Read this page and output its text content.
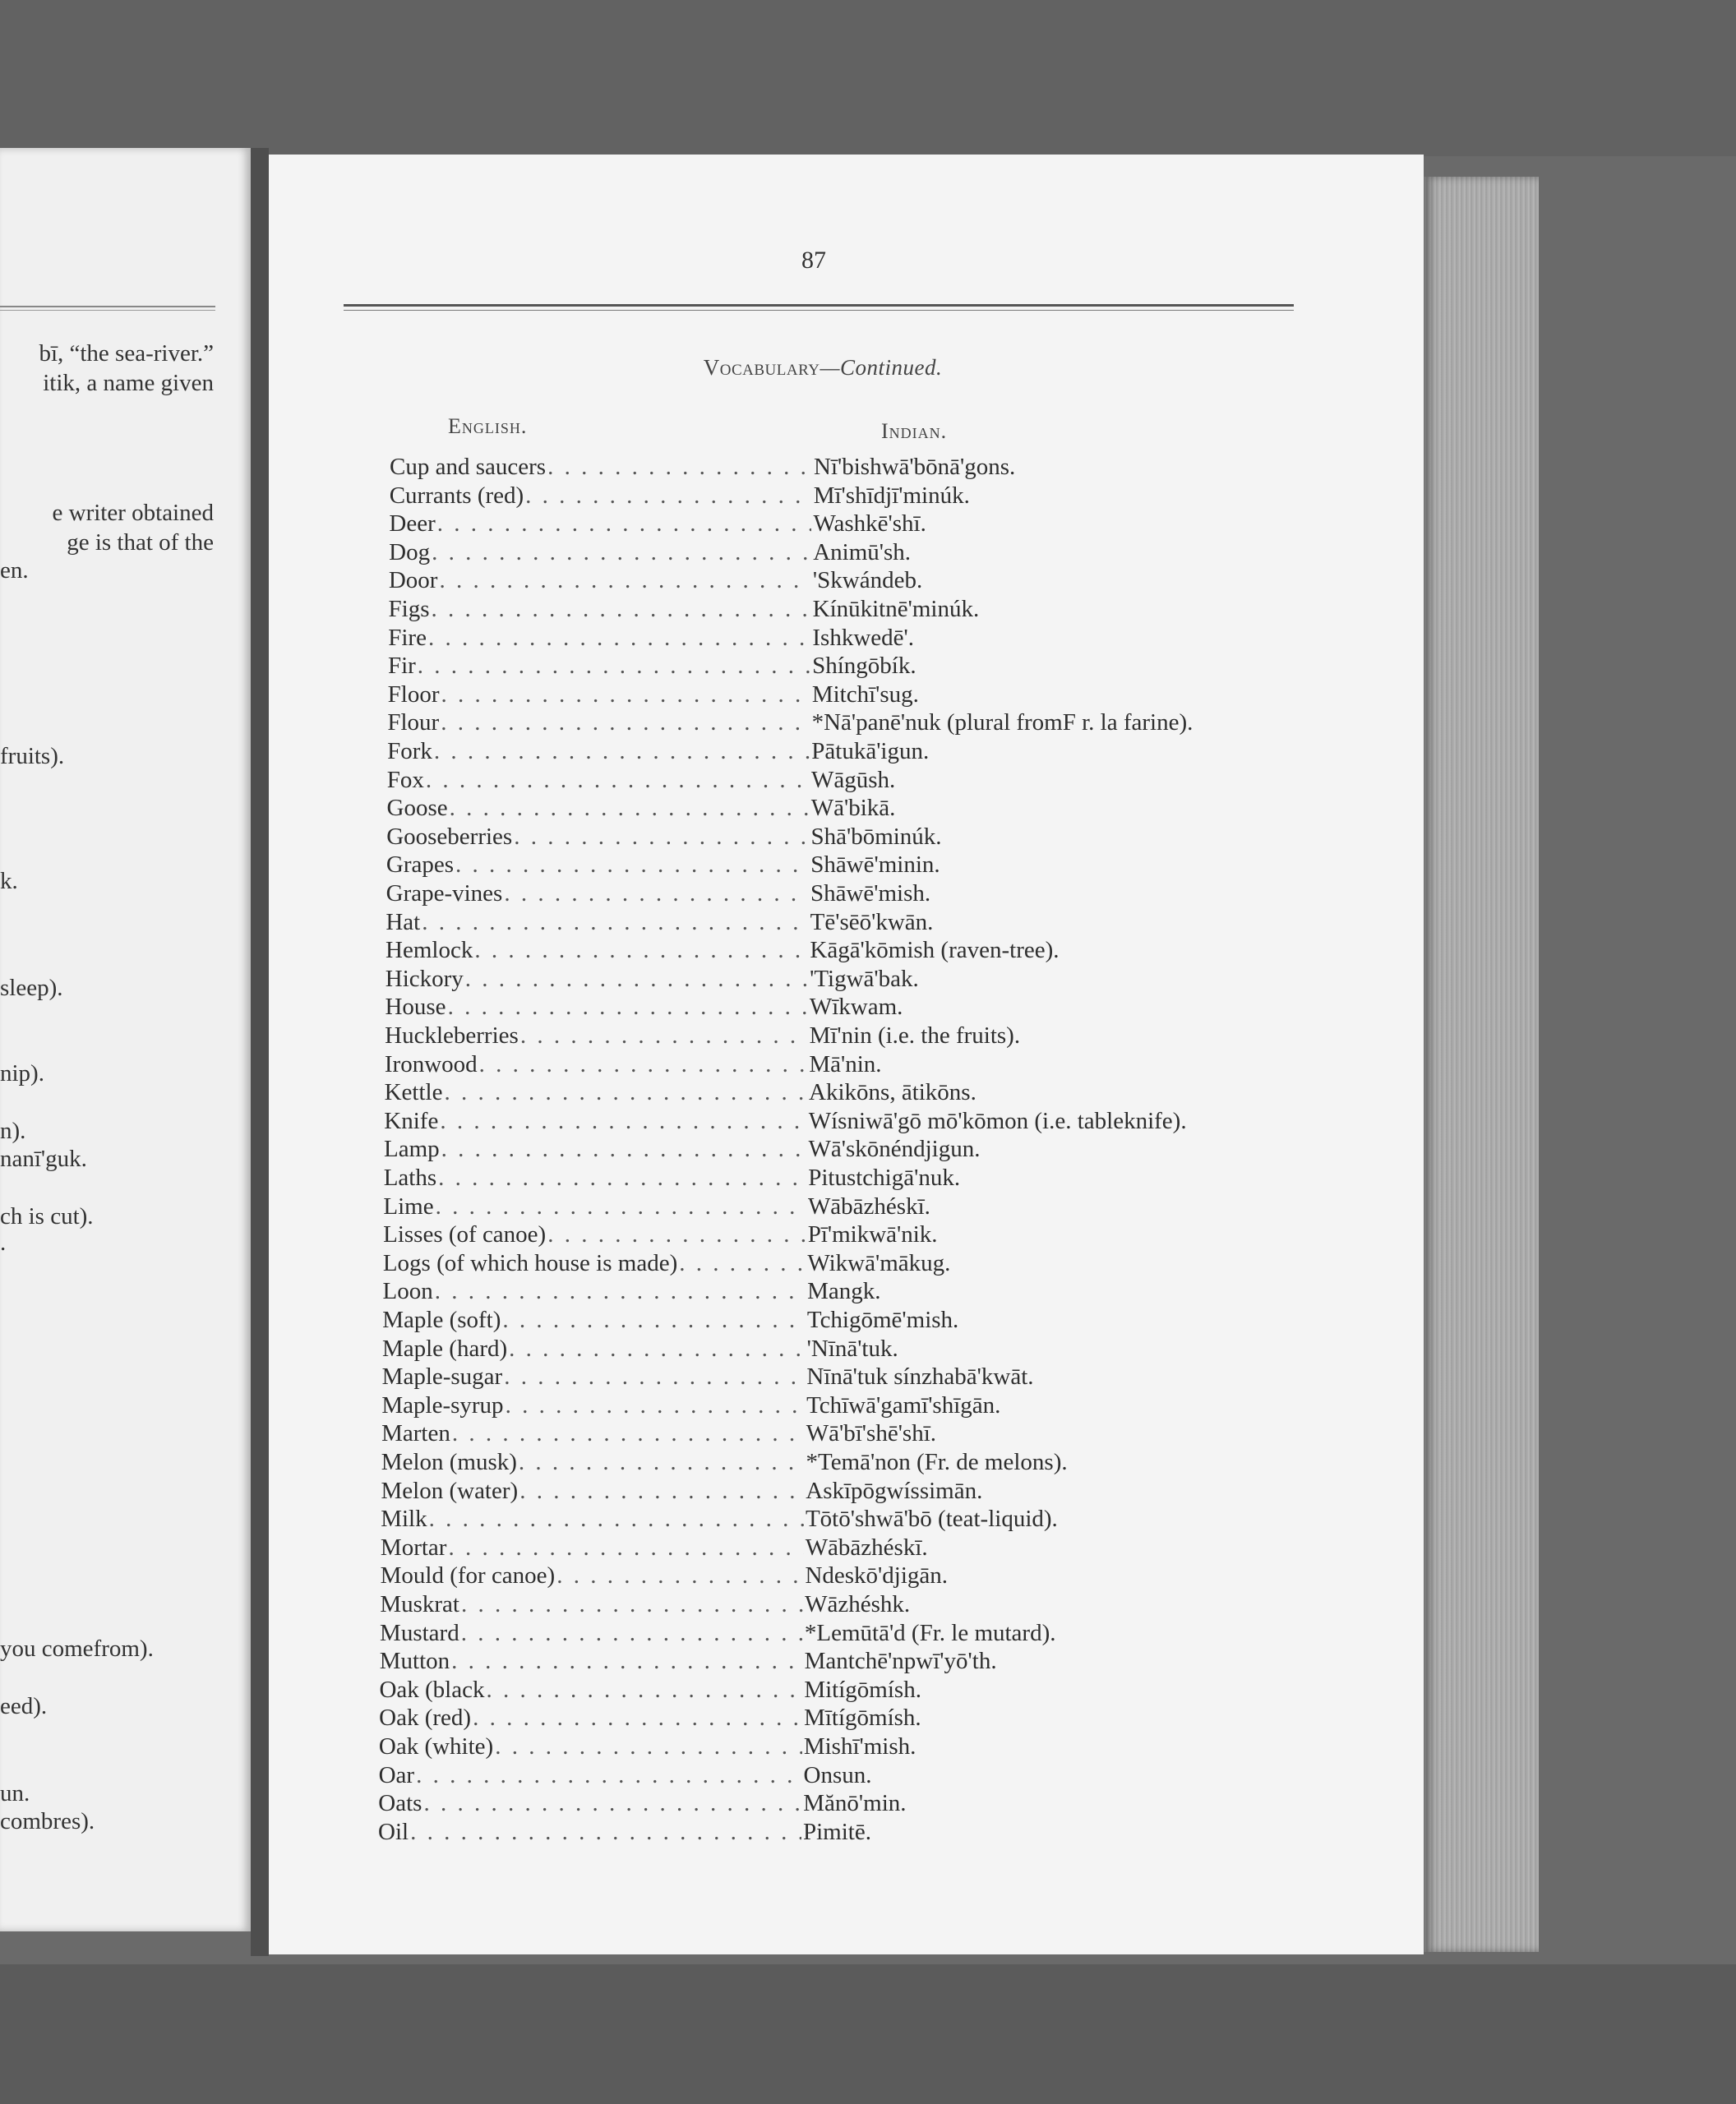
bī, “the sea-river.”
itik, a name given
e writer obtained
ge is that of the
en.
fruits).
k.
sleep).
nip).
n).
nanī'guk.
ch is cut).
.
you comefrom).
eed).
un.
combres).
87
Vocabulary—Continued.
English.	Indian.
Cup and saucers . . .	Nī'bishwā'bōnā'gons.
Currants (red) . . .	Mī'shīdjī'minúk.
Deer . . .	Washkē'shī.
Dog . . .	Animū'sh.
Door . . .	'Skwándeb.
Figs . . .	Kínūkitnē'minúk.
Fire . . .	Ishkwedē'.
Fir . . .	Shíngōbík.
Floor . . .	Mitchī'sug.
Flour . . .	*Nā'panē'nuk (plural fromF r. la farine).
Fork . . .	Pātukā'igun.
Fox . . .	Wāgūsh.
Goose . . .	Wā'bikā.
Gooseberries . . .	Shā'bōminúk.
Grapes . . .	Shāwē'minin.
Grape-vines . . .	Shāwē'mish.
Hat . . .	Tē'sēō'kwān.
Hemlock . . .	Kāgā'kōmish (raven-tree).
Hickory . . .	'Tigwā'bak.
House . . .	Wīkwam.
Huckleberries . . .	Mī'nin (i.e. the fruits).
Ironwood . . .	Mā'nin.
Kettle . . .	Akikōns, ātikōns.
Knife . . .	Wísniwā'gō mō'kōmon (i.e. tableknife).
Lamp . . .	Wā'skōnéndjigun.
Laths . . .	Pitustchigā'nuk.
Lime . . .	Wābāzhéskī.
Lisses (of canoe) . . .	Pī'mikwā'nik.
Logs (of which house is made) . . .	Wikwā'mākug.
Loon . . .	Mangk.
Maple (soft) . . .	Tchigōmē'mish.
Maple (hard) . . .	'Nīnā'tuk.
Maple-sugar . . .	Nīnā'tuk sínzhabā'kwāt.
Maple-syrup . . .	Tchīwā'gamī'shīgān.
Marten . . .	Wā'bī'shē'shī.
Melon (musk) . . .	*Temā'non (Fr. de melons).
Melon (water) . . .	Askīpōgwíssimān.
Milk . . .	Tōtō'shwā'bō (teat-liquid).
Mortar . . .	Wābāzhéskī.
Mould (for canoe) . . .	Ndeskō'djigān.
Muskrat . . .	Wāzhéshk.
Mustard . . .	*Lemūtā'd (Fr. le mutard).
Mutton . . .	Mantchē'npwī'yō'th.
Oak (black . . .	Mitígōmísh.
Oak (red) . . .	Mītígōmísh.
Oak (white) . . .	Mishī'mish.
Oar . . .	Onsun.
Oats . . .	Mănō'min.
Oil . . .	Pimitē.
